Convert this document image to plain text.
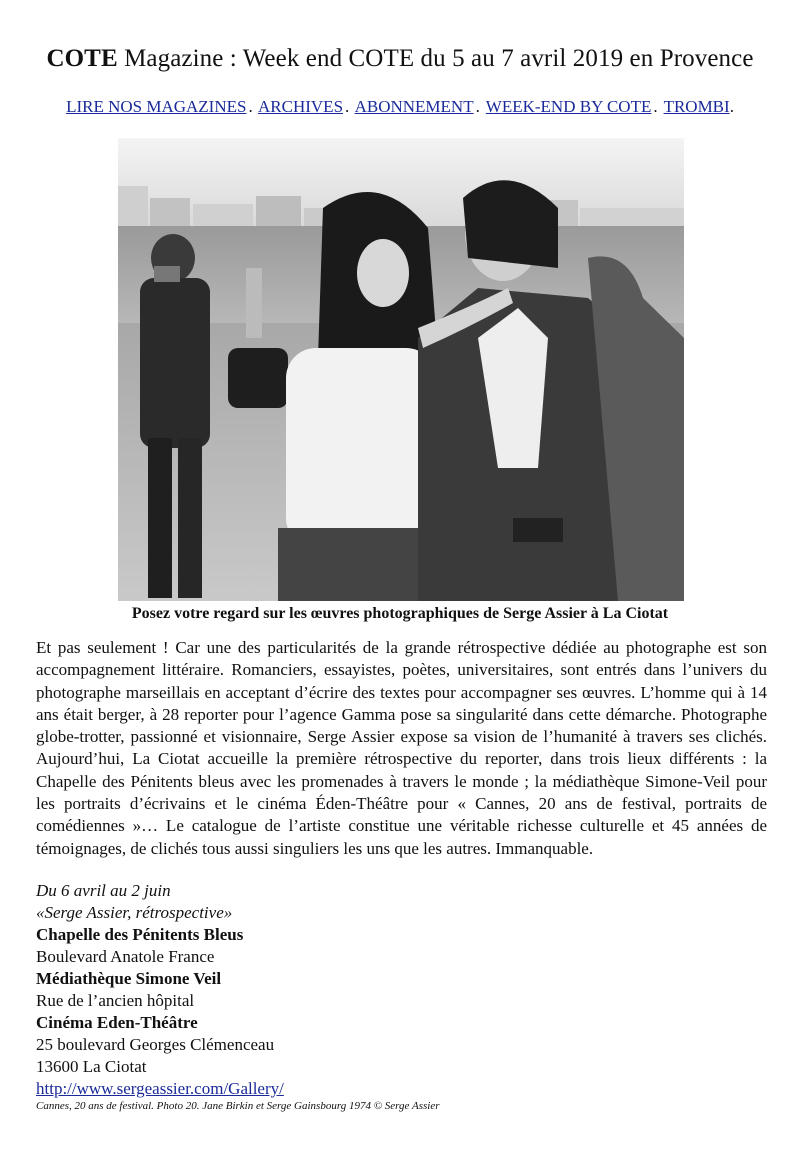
COTE Magazine : Week end COTE du 5 au 7 avril 2019 en Provence
LIRE NOS MAGAZINES . ARCHIVES . ABONNEMENT . WEEK-END BY COTE . TROMBI.
Posez votre regard sur les œuvres photographiques de Serge Assier à La Ciotat

Et pas seulement ! Car une des particularités de la grande rétrospective dédiée au photographe est son accompagnement littéraire. Romanciers, essayistes, poètes, universitaires, sont entrés dans l’univers du photographe marseillais en acceptant d’écrire des textes pour accompagner ses œuvres. L’homme qui à 14 ans était berger, à 28 reporter pour l’agence Gamma pose sa singularité dans cette démarche. Photographe globe-trotter, passionné et visionnaire, Serge Assier expose sa vision de l’humanité à travers ses clichés. Aujourd’hui, La Ciotat accueille la première rétrospective du reporter, dans trois lieux différents : la Chapelle des Pénitents bleus avec les promenades à travers le monde ; la médiathèque Simone-Veil pour les portraits d’écrivains et le cinéma Éden-Théâtre pour « Cannes, 20 ans de festival, portraits de comédiennes »… Le catalogue de l’artiste constitue une véritable richesse culturelle et 45 années de témoignages, de clichés tous aussi singuliers les uns que les autres. Immanquable.

Du 6 avril au 2 juin
«Serge Assier, rétrospective»
Chapelle des Pénitents Bleus
Boulevard Anatole France
Médiathèque Simone Veil
Rue de l’ancien hôpital
Cinéma Eden-Théâtre
25 boulevard Georges Clémenceau
13600 La Ciotat
http://www.sergeassier.com/Gallery/
Cannes, 20 ans de festival. Photo 20. Jane Birkin et Serge Gainsbourg 1974 © Serge Assier
